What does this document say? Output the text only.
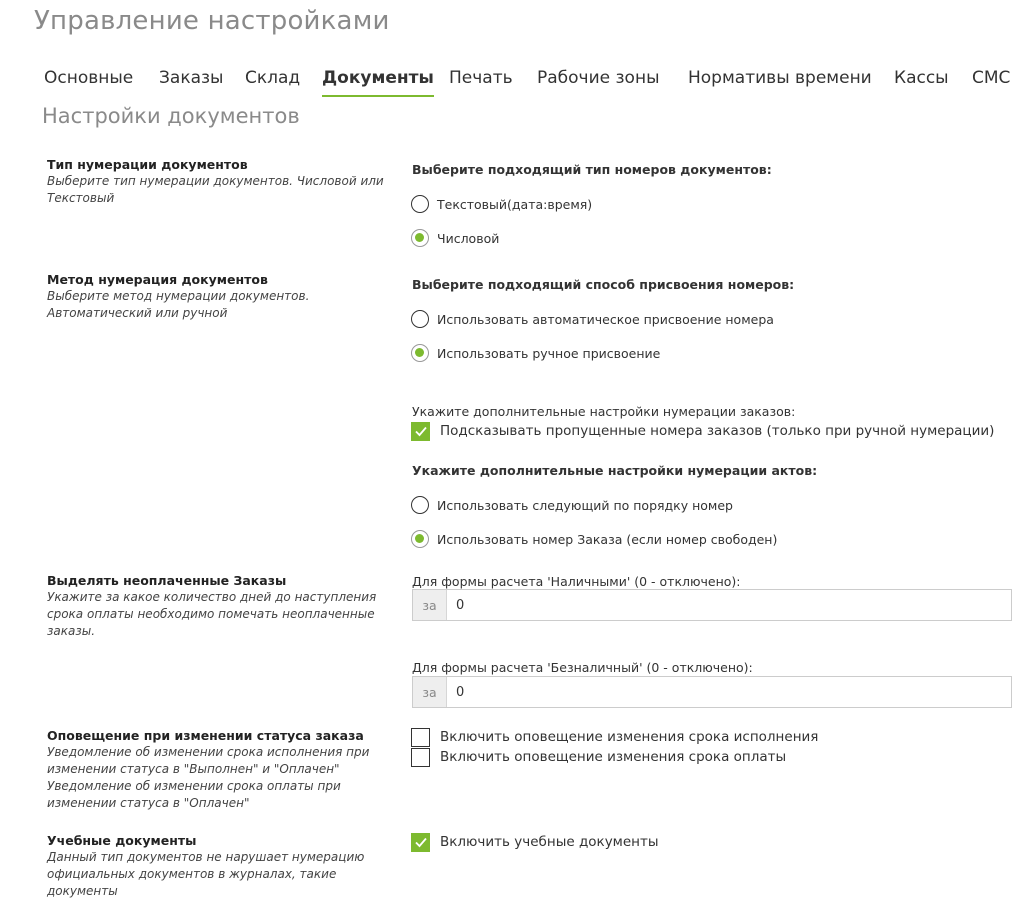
Управление настройками
Основные Заказы Склад Документы Печать Рабочие зоны Нормативы времени Кассы СМС
Настройки документов
Тип нумерации документов
Выберите тип нумерации документов. Числовой или Текстовый
Выберите подходящий тип номеров документов:
Текстовый(дата:время)
Числовой
Метод нумерация документов
Выберите метод нумерации документов. Автоматический или ручной
Выберите подходящий способ присвоения номеров:
Использовать автоматическое присвоение номера
Использовать ручное присвоение
Укажите дополнительные настройки нумерации заказов:
Подсказывать пропущенные номера заказов (только при ручной нумерации)
Укажите дополнительные настройки нумерации актов:
Использовать следующий по порядку номер
Использовать номер Заказа (если номер свободен)
Выделять неоплаченные Заказы
Укажите за какое количество дней до наступления срока оплаты необходимо помечать неоплаченные заказы.
Для формы расчета 'Наличными' (0 - отключено):
за
0
Для формы расчета 'Безналичный' (0 - отключено):
за
0
Оповещение при изменении статуса заказа
Уведомление об изменении срока исполнения при изменении статуса в "Выполнен" и "Оплачен"
Уведомление об изменении срока оплаты при изменении статуса в "Оплачен"
Включить оповещение изменения срока исполнения
Включить оповещение изменения срока оплаты
Учебные документы
Данный тип документов не нарушает нумерацию официальных документов в журналах, такие документы
Включить учебные документы
